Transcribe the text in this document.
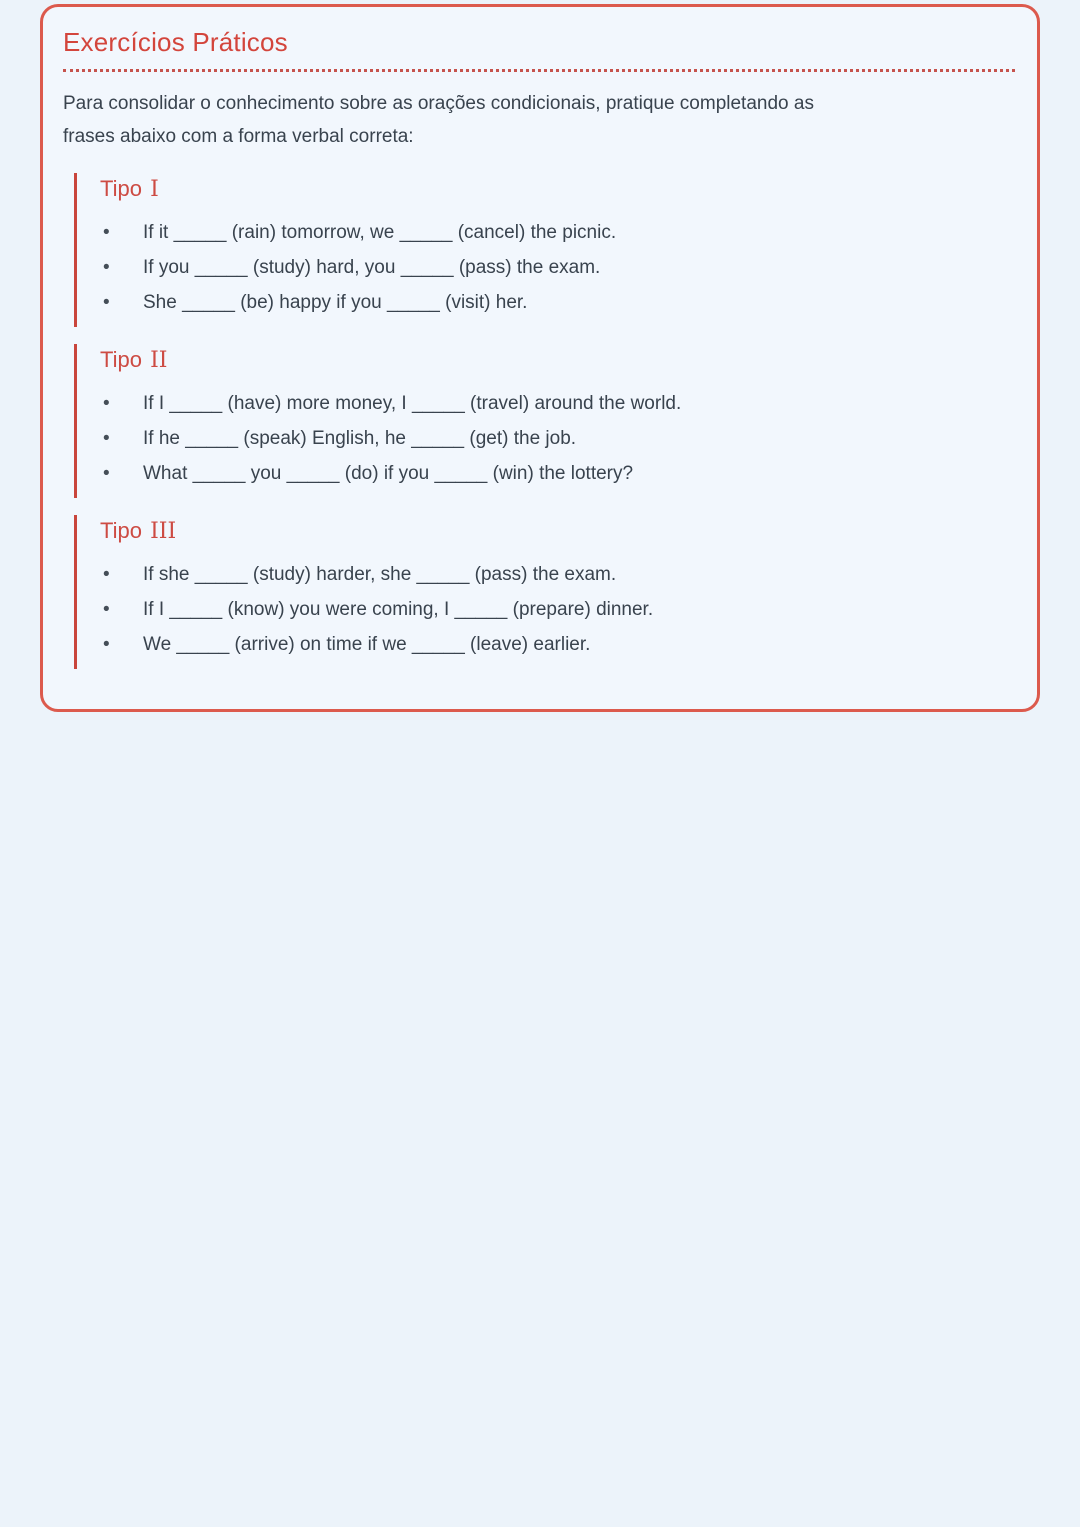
Exercícios Práticos

Para consolidar o conhecimento sobre as orações condicionais, pratique completando as
frases abaixo com a forma verbal correta:

Tipo I
• If it _____ (rain) tomorrow, we _____ (cancel) the picnic.
• If you _____ (study) hard, you _____ (pass) the exam.
• She _____ (be) happy if you _____ (visit) her.
Tipo II
• If I _____ (have) more money, I _____ (travel) around the world.
• If he _____ (speak) English, he _____ (get) the job.
• What _____ you _____ (do) if you _____ (win) the lottery?
Tipo III
• If she _____ (study) harder, she _____ (pass) the exam.
• If I _____ (know) you were coming, I _____ (prepare) dinner.
• We _____ (arrive) on time if we _____ (leave) earlier.
